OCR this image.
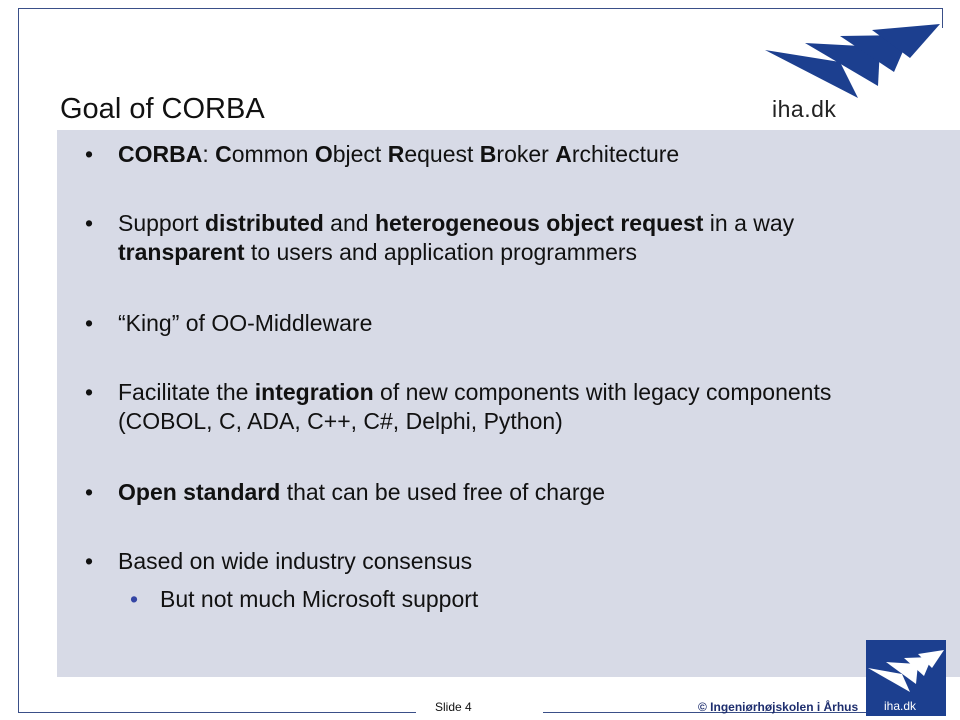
iha.dk
Goal of CORBA
• CORBA: Common Object Request Broker Architecture
• Support distributed and heterogeneous object request in a way transparent to users and application programmers
• “King” of OO-Middleware
• Facilitate the integration of new components with legacy components (COBOL, C, ADA, C++, C#, Delphi, Python)
• Open standard that can be used free of charge
• Based on wide industry consensus
• But not much Microsoft support
Slide 4	© Ingeniørhøjskolen i Århus iha.dk
